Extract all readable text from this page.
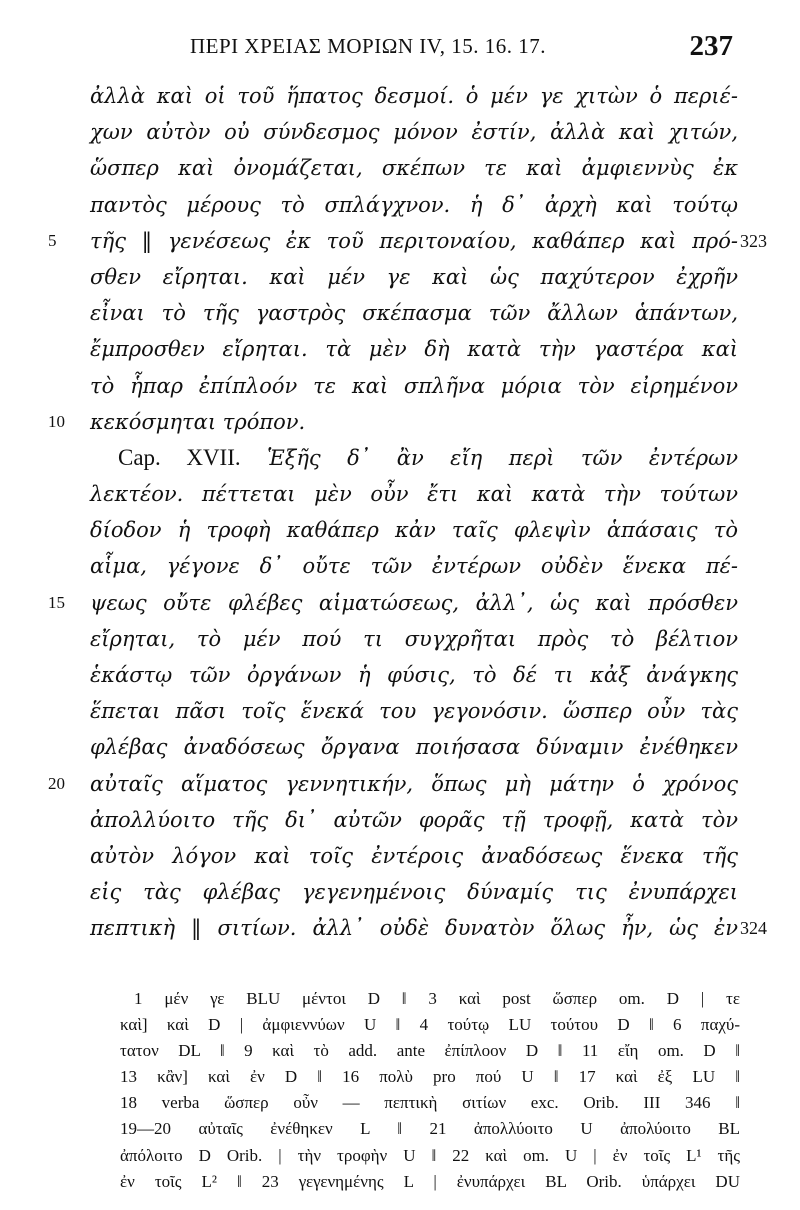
ΠΕΡΙ ΧΡΕΙΑΣ ΜΟΡΙΩΝ IV, 15. 16. 17.	237
ἀλλὰ καὶ οἱ τοῦ ἥπατος δεσμοί. ὁ μέν γε χιτὼν ὁ περιέ-
χων αὐτὸν οὐ σύνδεσμος μόνον ἐστίν, ἀλλὰ καὶ χιτών,
ὥσπερ καὶ ὀνομάζεται, σκέπων τε καὶ ἀμφιεννὺς ἐκ
παντὸς μέρους τὸ σπλάγχνον. ἡ δ᾽ ἀρχὴ καὶ τούτῳ
5	τῆς ‖ γενέσεως ἐκ τοῦ περιτοναίου, καθάπερ καὶ πρό- 323
σθεν εἴρηται. καὶ μέν γε καὶ ὡς παχύτερον ἐχρῆν
εἶναι τὸ τῆς γαστρὸς σκέπασμα τῶν ἄλλων ἁπάντων,
ἔμπροσθεν εἴρηται. τὰ μὲν δὴ κατὰ τὴν γαστέρα καὶ
τὸ ἧπαρ ἐπίπλοόν τε καὶ σπλῆνα μόρια τὸν εἰρημένον
10	κεκόσμηται τρόπον.
Cap. XVII. Ἑξῆς δ᾽ ἂν εἴη περὶ τῶν ἐντέρων
λεκτέον. πέττεται μὲν οὖν ἔτι καὶ κατὰ τὴν τούτων
δίοδον ἡ τροφὴ καθάπερ κἀν ταῖς φλεψὶν ἁπάσαις τὸ
αἷμα, γέγονε δ᾽ οὔτε τῶν ἐντέρων οὐδὲν ἕνεκα πέ-
15	ψεως οὔτε φλέβες αἱματώσεως, ἀλλ᾽, ὡς καὶ πρόσθεν
εἴρηται, τὸ μέν πού τι συγχρῆται πρὸς τὸ βέλτιον
ἑκάστῳ τῶν ὀργάνων ἡ φύσις, τὸ δέ τι κἀξ ἀνάγκης
ἕπεται πᾶσι τοῖς ἕνεκά του γεγονόσιν. ὥσπερ οὖν τὰς
φλέβας ἀναδόσεως ὄργανα ποιήσασα δύναμιν ἐνέθηκεν
20	αὐταῖς αἵματος γεννητικήν, ὅπως μὴ μάτην ὁ χρόνος
ἀπολλύοιτο τῆς δι᾽ αὐτῶν φορᾶς τῇ τροφῇ, κατὰ τὸν
αὐτὸν λόγον καὶ τοῖς ἐντέροις ἀναδόσεως ἕνεκα τῆς
εἰς τὰς φλέβας γεγενημένοις δύναμίς τις ἐνυπάρχει
πεπτικὴ ‖ σιτίων. ἀλλ᾽ οὐδὲ δυνατὸν ὅλως ἦν, ὡς ἐν 324
1 μέν γε BLU μέντοι D ‖ 3 καὶ post ὥσπερ om. D | τε
καὶ] καὶ D | ἀμφιεννύων U ‖ 4 τούτῳ LU τούτου D ‖ 6 παχύ-
τατον DL ‖ 9 καὶ τὸ add. ante ἐπίπλοον D ‖ 11 εἴη om. D ‖
13 κἂν] καὶ ἐν D ‖ 16 πολὺ pro πού U ‖ 17 καὶ ἐξ LU ‖
18 verba ὥσπερ οὖν — πεπτικὴ σιτίων exc. Orib. III 346 ‖
19—20 αὐταῖς ἐνέθηκεν L ‖ 21 ἀπολλύοιτο U ἀπολύοιτο BL
ἀπόλοιτο D Orib. | τὴν τροφὴν U ‖ 22 καὶ om. U | ἐν τοῖς L¹ τῆς
ἐν τοῖς L² ‖ 23 γεγενημένης L | ἐνυπάρχει BL Orib. ὑπάρχει DU
